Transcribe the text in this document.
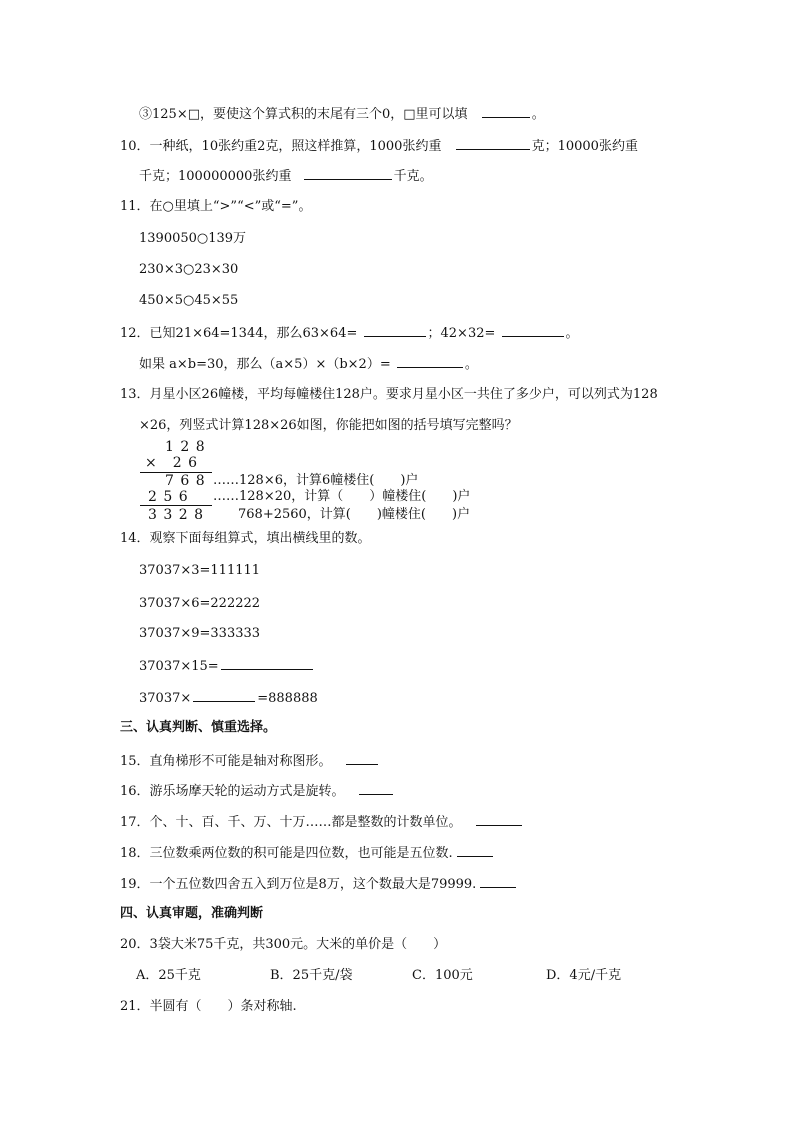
③125×□，要使这个算式积的末尾有三个0，□里可以填	。
10．一种纸，10张约重2克，照这样推算，1000张约重	克；10000张约重
千克；100000000张约重	千克。
11．在○里填上“>”“<”或“=”。
1390050○139万
230×3○23×30
450×5○45×55
12．已知21×64=1344，那么63×64=	；42×32=	。
如果 a×b=30，那么（a×5）×（b×2）=	。
13．月星小区26幢楼，平均每幢楼住128户。要求月星小区一共住了多少户，可以列式为128
×26，列竖式计算128×26如图，你能把如图的括号填写完整吗？
1 2 8
×　2 6
7 6 8 ……128×6，计算6幢楼住(　　)户
2 5 6 ……128×20，计算（　　）幢楼住(　　)户
3 3 2 8	768+2560，计算(　　)幢楼住(　　)户
14．观察下面每组算式，填出横线里的数。
37037×3=111111
37037×6=222222
37037×9=333333
37037×15=
37037×	=888888
三、认真判断、慎重选择。
15．直角梯形不可能是轴对称图形。
16．游乐场摩天轮的运动方式是旋转。
17．个、十、百、千、万、十万……都是整数的计数单位。
18．三位数乘两位数的积可能是四位数，也可能是五位数.
19．一个五位数四舍五入到万位是8万，这个数最大是79999.
四、认真审题，准确判断
20．3袋大米75千克，共300元。大米的单价是（　　）
A．25千克	B．25千克/袋	C．100元	D．4元/千克
21．半圆有（　　）条对称轴.
